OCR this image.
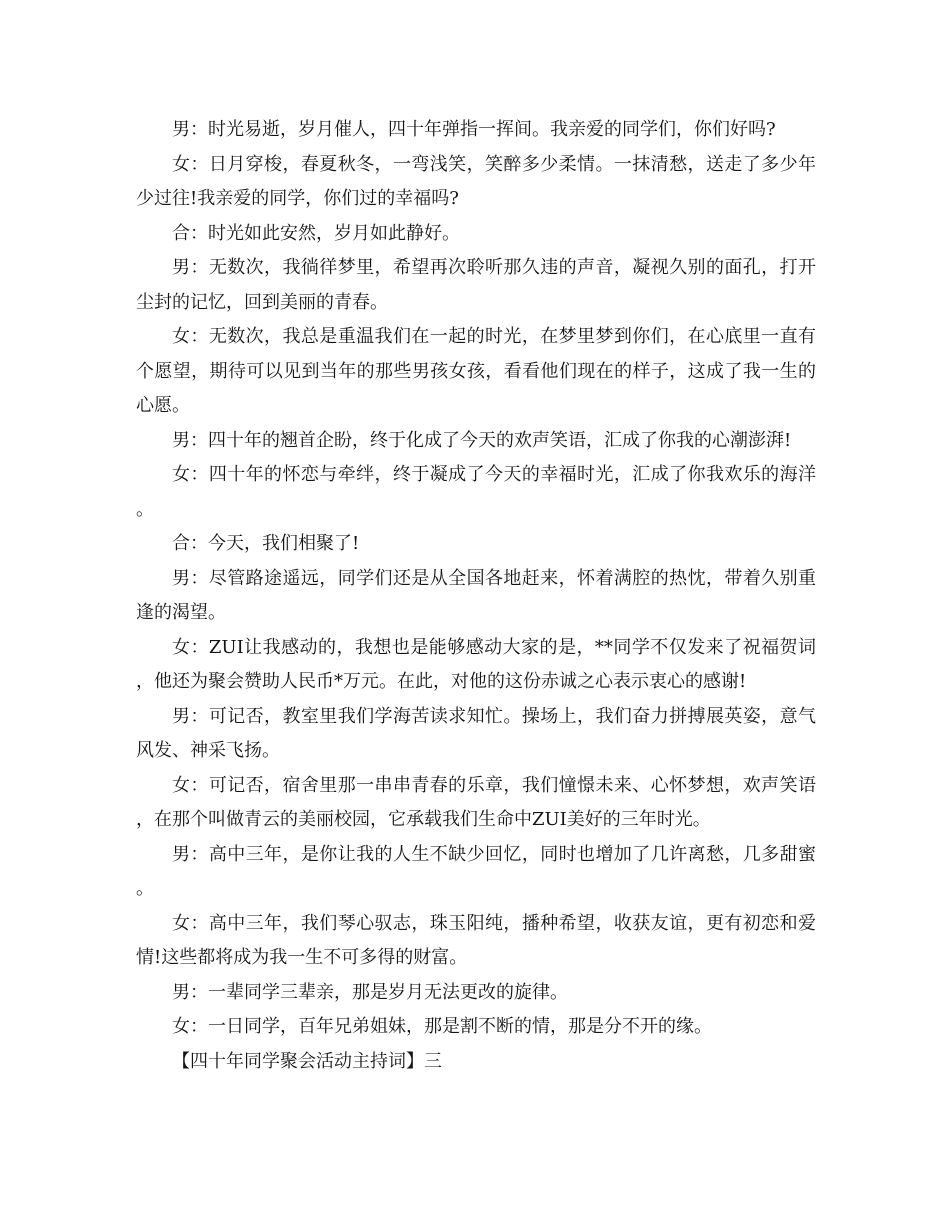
男：时光易逝，岁月催人，四十年弹指一挥间。我亲爱的同学们，你们好吗?

女：日月穿梭，春夏秋冬，一弯浅笑，笑醉多少柔情。一抹清愁，送走了多少年少过往!我亲爱的同学，你们过的幸福吗?

合：时光如此安然，岁月如此静好。

男：无数次，我徜徉梦里，希望再次聆听那久违的声音，凝视久别的面孔，打开尘封的记忆，回到美丽的青春。

女：无数次，我总是重温我们在一起的时光，在梦里梦到你们，在心底里一直有个愿望，期待可以见到当年的那些男孩女孩，看看他们现在的样子，这成了我一生的心愿。

男：四十年的翘首企盼，终于化成了今天的欢声笑语，汇成了你我的心潮澎湃!

女：四十年的怀恋与牵绊，终于凝成了今天的幸福时光，汇成了你我欢乐的海洋。

合：今天，我们相聚了!

男：尽管路途遥远，同学们还是从全国各地赶来，怀着满腔的热忱，带着久别重逢的渴望。

女：ZUI让我感动的，我想也是能够感动大家的是，**同学不仅发来了祝福贺词，他还为聚会赞助人民币*万元。在此，对他的这份赤诚之心表示衷心的感谢!

男：可记否，教室里我们学海苦读求知忙。操场上，我们奋力拼搏展英姿，意气风发、神采飞扬。

女：可记否，宿舍里那一串串青春的乐章，我们憧憬未来、心怀梦想，欢声笑语，在那个叫做青云的美丽校园，它承载我们生命中ZUI美好的三年时光。

男：高中三年，是你让我的人生不缺少回忆，同时也增加了几许离愁，几多甜蜜。

女：高中三年，我们琴心驭志，珠玉阳纯，播种希望，收获友谊，更有初恋和爱情!这些都将成为我一生不可多得的财富。

男：一辈同学三辈亲，那是岁月无法更改的旋律。

女：一日同学，百年兄弟姐妹，那是割不断的情，那是分不开的缘。

【四十年同学聚会活动主持词】三
